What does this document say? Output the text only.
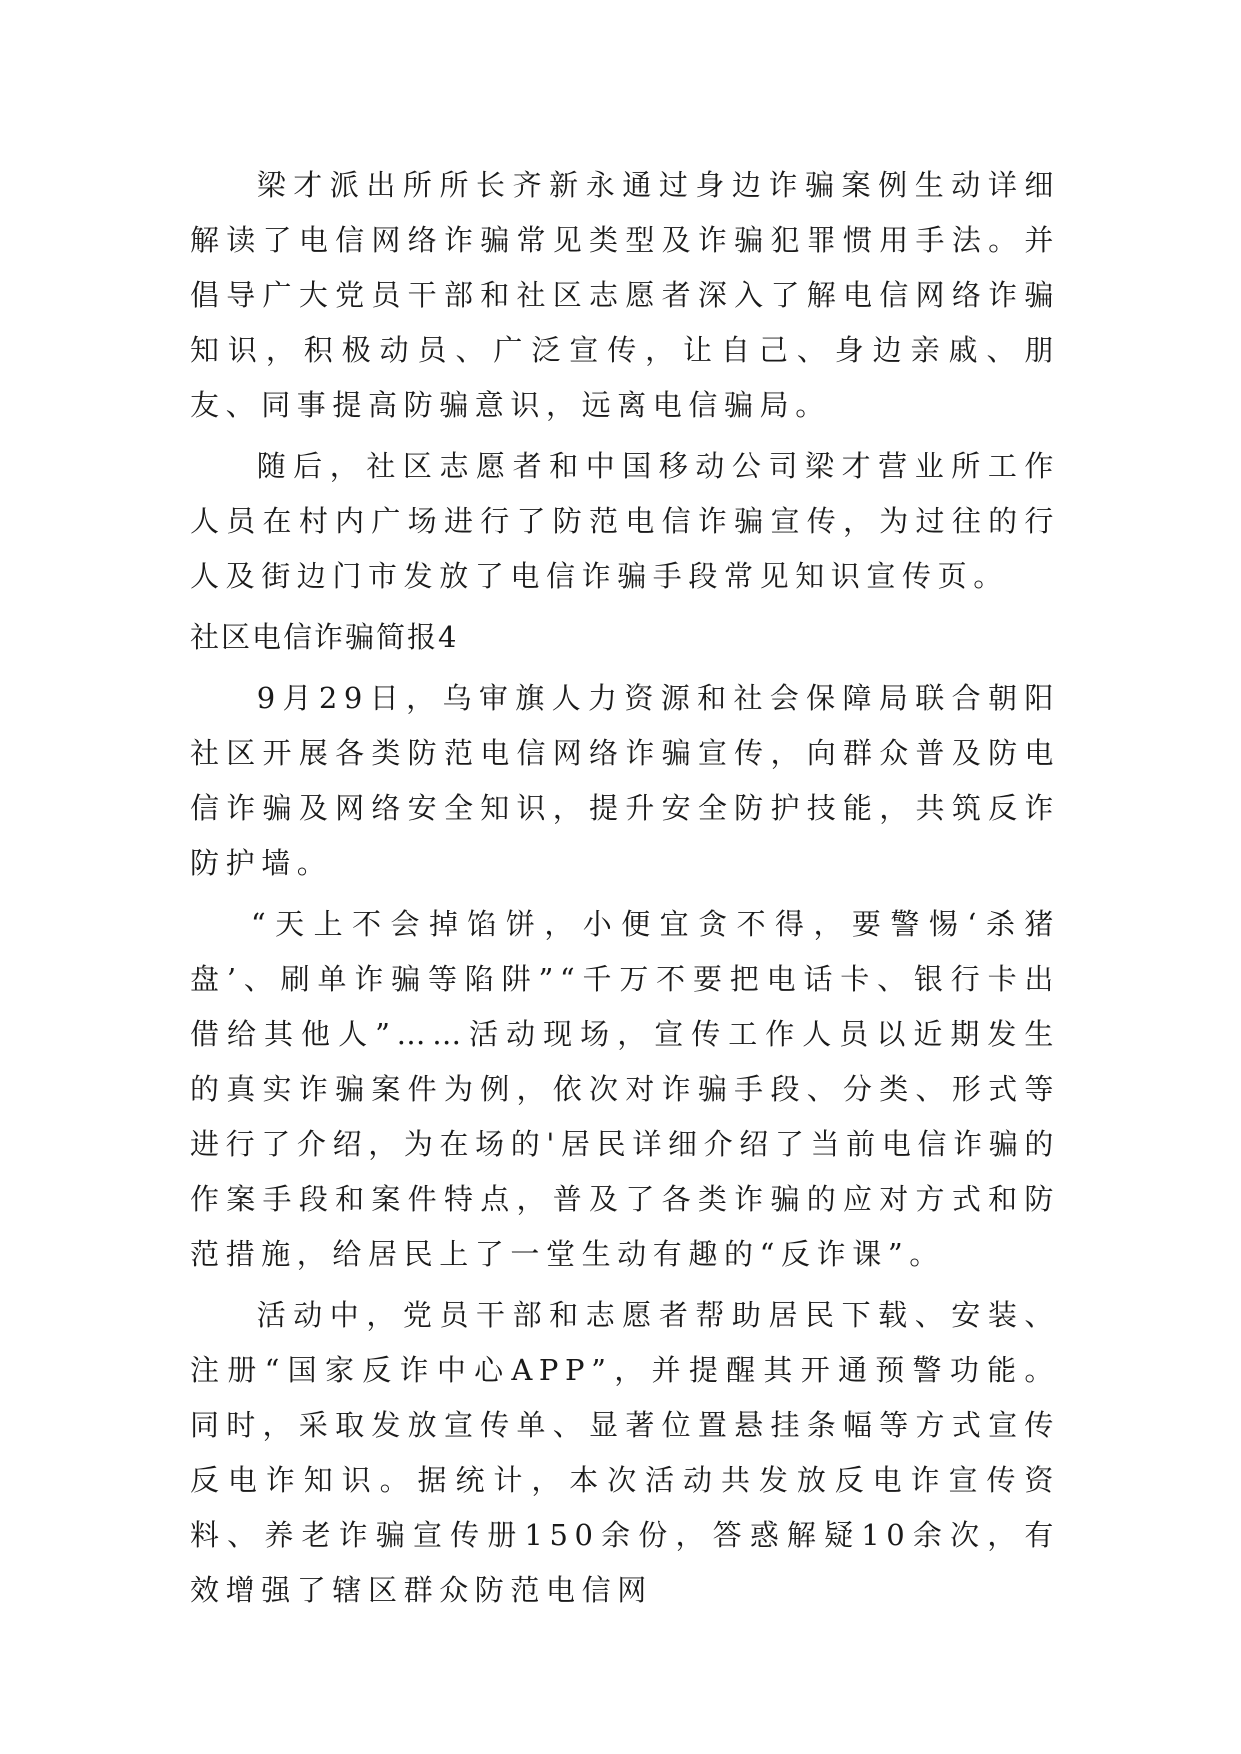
梁才派出所所长齐新永通过身边诈骗案例生动详细解读了电信网络诈骗常见类型及诈骗犯罪惯用手法。并倡导广大党员干部和社区志愿者深入了解电信网络诈骗知识，积极动员、广泛宣传，让自己、身边亲戚、朋友、同事提高防骗意识，远离电信骗局。

随后，社区志愿者和中国移动公司梁才营业所工作人员在村内广场进行了防范电信诈骗宣传，为过往的行人及街边门市发放了电信诈骗手段常见知识宣传页。

社区电信诈骗简报4

9月29日，乌审旗人力资源和社会保障局联合朝阳社区开展各类防范电信网络诈骗宣传，向群众普及防电信诈骗及网络安全知识，提升安全防护技能，共筑反诈防护墙。

“天上不会掉馅饼，小便宜贪不得，要警惕‘杀猪盘’、刷单诈骗等陷阱”“千万不要把电话卡、银行卡出借给其他人”……活动现场，宣传工作人员以近期发生的真实诈骗案件为例，依次对诈骗手段、分类、形式等进行了介绍，为在场的'居民详细介绍了当前电信诈骗的作案手段和案件特点，普及了各类诈骗的应对方式和防范措施，给居民上了一堂生动有趣的“反诈课”。

活动中，党员干部和志愿者帮助居民下载、安装、注册“国家反诈中心APP”，并提醒其开通预警功能。同时，采取发放宣传单、显著位置悬挂条幅等方式宣传反电诈知识。据统计，本次活动共发放反电诈宣传资料、养老诈骗宣传册150余份，答惑解疑10余次，有效增强了辖区群众防范电信网
